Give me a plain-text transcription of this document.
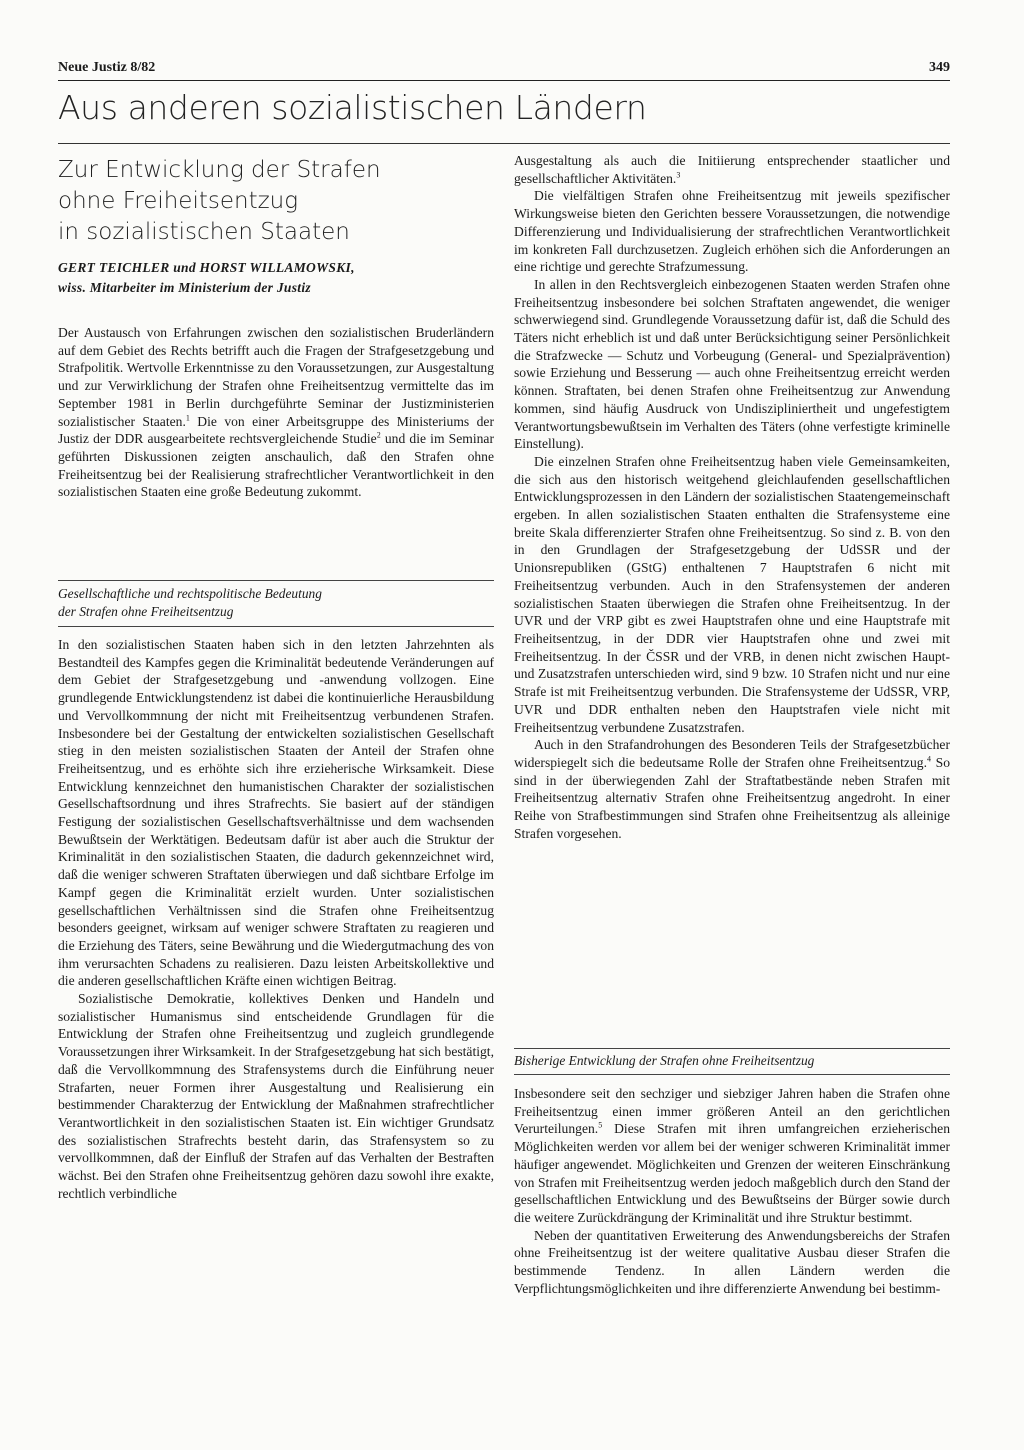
Neue Justiz 8/82	349
Aus anderen sozialistischen Ländern
Zur Entwicklung der Strafen
ohne Freiheitsentzug
in sozialistischen Staaten
GERT TEICHLER und HORST WILLAMOWSKI,
wiss. Mitarbeiter im Ministerium der Justiz

Der Austausch von Erfahrungen zwischen den sozialistischen Bruderländern auf dem Gebiet des Rechts betrifft auch die Fragen der Strafgesetzgebung und Strafpolitik. Wertvolle Erkenntnisse zu den Voraussetzungen, zur Ausgestaltung und zur Verwirklichung der Strafen ohne Freiheitsentzug vermittelte das im September 1981 in Berlin durchgeführte Seminar der Justizministerien sozialistischer Staaten.$^1$ Die von einer Arbeitsgruppe des Ministeriums der Justiz der DDR ausgearbeitete rechtsvergleichende Studie$^2$ und die im Seminar geführten Diskussionen zeigten anschaulich, daß den Strafen ohne Freiheitsentzug bei der Realisierung strafrechtlicher Verantwortlichkeit in den sozialistischen Staaten eine große Bedeutung zukommt.

Gesellschaftliche und rechtspolitische Bedeutung
der Strafen ohne Freiheitsentzug

In den sozialistischen Staaten haben sich in den letzten Jahrzehnten als Bestandteil des Kampfes gegen die Kriminalität bedeutende Veränderungen auf dem Gebiet der Strafgesetzgebung und -anwendung vollzogen. Eine grundlegende Entwicklungstendenz ist dabei die kontinuierliche Herausbildung und Vervollkommnung der nicht mit Freiheitsentzug verbundenen Strafen. Insbesondere bei der Gestaltung der entwickelten sozialistischen Gesellschaft stieg in den meisten sozialistischen Staaten der Anteil der Strafen ohne Freiheitsentzug, und es erhöhte sich ihre erzieherische Wirksamkeit. Diese Entwicklung kennzeichnet den humanistischen Charakter der sozialistischen Gesellschaftsordnung und ihres Strafrechts. Sie basiert auf der ständigen Festigung der sozialistischen Gesellschaftsverhältnisse und dem wachsenden Bewußtsein der Werktätigen. Bedeutsam dafür ist aber auch die Struktur der Kriminalität in den sozialistischen Staaten, die dadurch gekennzeichnet wird, daß die weniger schweren Straftaten überwiegen und daß sichtbare Erfolge im Kampf gegen die Kriminalität erzielt wurden. Unter sozialistischen gesellschaftlichen Verhältnissen sind die Strafen ohne Freiheitsentzug besonders geeignet, wirksam auf weniger schwere Straftaten zu reagieren und die Erziehung des Täters, seine Bewährung und die Wiedergutmachung des von ihm verursachten Schadens zu realisieren. Dazu leisten Arbeitskollektive und die anderen gesellschaftlichen Kräfte einen wichtigen Beitrag.

Sozialistische Demokratie, kollektives Denken und Handeln und sozialistischer Humanismus sind entscheidende Grundlagen für die Entwicklung der Strafen ohne Freiheitsentzug und zugleich grundlegende Voraussetzungen ihrer Wirksamkeit. In der Strafgesetzgebung hat sich bestätigt, daß die Vervollkommnung des Strafensystems durch die Einführung neuer Strafarten, neuer Formen ihrer Ausgestaltung und Realisierung ein bestimmender Charakterzug der Entwicklung der Maßnahmen strafrechtlicher Verantwortlichkeit in den sozialistischen Staaten ist. Ein wichtiger Grundsatz des sozialistischen Strafrechts besteht darin, das Strafensystem so zu vervollkommnen, daß der Einfluß der Strafen auf das Verhalten der Bestraften wächst. Bei den Strafen ohne Freiheitsentzug gehören dazu sowohl ihre exakte, rechtlich verbindliche

Ausgestaltung als auch die Initiierung entsprechender staatlicher und gesellschaftlicher Aktivitäten.$^3$

Die vielfältigen Strafen ohne Freiheitsentzug mit jeweils spezifischer Wirkungsweise bieten den Gerichten bessere Voraussetzungen, die notwendige Differenzierung und Individualisierung der strafrechtlichen Verantwortlichkeit im konkreten Fall durchzusetzen. Zugleich erhöhen sich die Anforderungen an eine richtige und gerechte Strafzumessung.

In allen in den Rechtsvergleich einbezogenen Staaten werden Strafen ohne Freiheitsentzug insbesondere bei solchen Straftaten angewendet, die weniger schwerwiegend sind. Grundlegende Voraussetzung dafür ist, daß die Schuld des Täters nicht erheblich ist und daß unter Berücksichtigung seiner Persönlichkeit die Strafzwecke — Schutz und Vorbeugung (General- und Spezialprävention) sowie Erziehung und Besserung — auch ohne Freiheitsentzug erreicht werden können. Straftaten, bei denen Strafen ohne Freiheitsentzug zur Anwendung kommen, sind häufig Ausdruck von Undiszipliniertheit und ungefestigtem Verantwortungsbewußtsein im Verhalten des Täters (ohne verfestigte kriminelle Einstellung).

Die einzelnen Strafen ohne Freiheitsentzug haben viele Gemeinsamkeiten, die sich aus den historisch weitgehend gleichlaufenden gesellschaftlichen Entwicklungsprozessen in den Ländern der sozialistischen Staatengemeinschaft ergeben. In allen sozialistischen Staaten enthalten die Strafensysteme eine breite Skala differenzierter Strafen ohne Freiheitsentzug. So sind z. B. von den in den Grundlagen der Strafgesetzgebung der UdSSR und der Unionsrepubliken (GStG) enthaltenen 7 Hauptstrafen 6 nicht mit Freiheitsentzug verbunden. Auch in den Strafensystemen der anderen sozialistischen Staaten überwiegen die Strafen ohne Freiheitsentzug. In der UVR und der VRP gibt es zwei Hauptstrafen ohne und eine Hauptstrafe mit Freiheitsentzug, in der DDR vier Hauptstrafen ohne und zwei mit Freiheitsentzug. In der ČSSR und der VRB, in denen nicht zwischen Haupt- und Zusatzstrafen unterschieden wird, sind 9 bzw. 10 Strafen nicht und nur eine Strafe ist mit Freiheitsentzug verbunden. Die Strafensysteme der UdSSR, VRP, UVR und DDR enthalten neben den Hauptstrafen viele nicht mit Freiheitsentzug verbundene Zusatzstrafen.

Auch in den Strafandrohungen des Besonderen Teils der Strafgesetzbücher widerspiegelt sich die bedeutsame Rolle der Strafen ohne Freiheitsentzug.$^4$ So sind in der überwiegenden Zahl der Straftatbestände neben Strafen mit Freiheitsentzug alternativ Strafen ohne Freiheitsentzug angedroht. In einer Reihe von Strafbestimmungen sind Strafen ohne Freiheitsentzug als alleinige Strafen vorgesehen.

Bisherige Entwicklung der Strafen ohne Freiheitsentzug

Insbesondere seit den sechziger und siebziger Jahren haben die Strafen ohne Freiheitsentzug einen immer größeren Anteil an den gerichtlichen Verurteilungen.$^5$ Diese Strafen mit ihren umfangreichen erzieherischen Möglichkeiten werden vor allem bei der weniger schweren Kriminalität immer häufiger angewendet. Möglichkeiten und Grenzen der weiteren Einschränkung von Strafen mit Freiheitsentzug werden jedoch maßgeblich durch den Stand der gesellschaftlichen Entwicklung und des Bewußtseins der Bürger sowie durch die weitere Zurückdrängung der Kriminalität und ihre Struktur bestimmt.

Neben der quantitativen Erweiterung des Anwendungsbereichs der Strafen ohne Freiheitsentzug ist der weitere qualitative Ausbau dieser Strafen die bestimmende Tendenz. In allen Ländern werden die Verpflichtungsmöglichkeiten und ihre differenzierte Anwendung bei bestimm-
